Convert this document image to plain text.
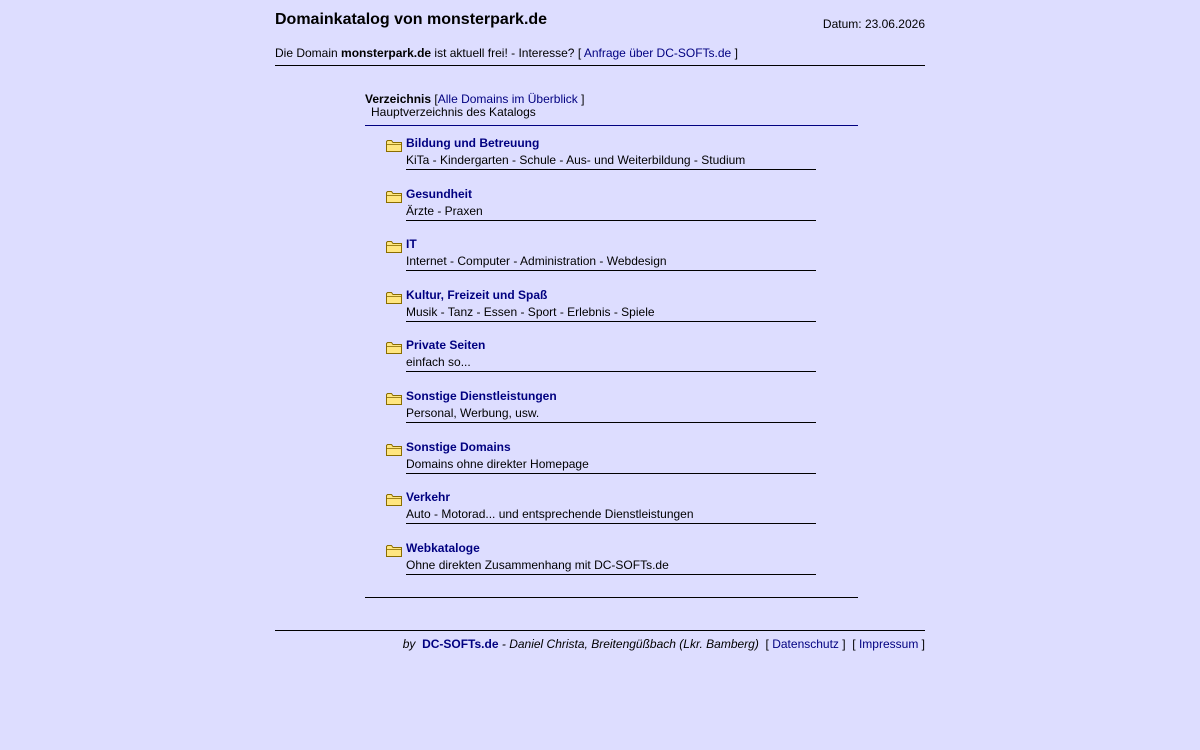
Domainkatalog von monsterpark.de	Datum: 23.06.2026
Die Domain monsterpark.de ist aktuell frei! - Interesse? [ Anfrage über DC-SOFTs.de ]
Verzeichnis [Alle Domains im Überblick ]
Hauptverzeichnis des Katalogs
Bildung und Betreuung
KiTa - Kindergarten - Schule - Aus- und Weiterbildung - Studium
Gesundheit
Ärzte - Praxen
IT
Internet - Computer - Administration - Webdesign
Kultur, Freizeit und Spaß
Musik - Tanz - Essen - Sport - Erlebnis - Spiele
Private Seiten
einfach so...
Sonstige Dienstleistungen
Personal, Werbung, usw.
Sonstige Domains
Domains ohne direkter Homepage
Verkehr
Auto - Motorad... und entsprechende Dienstleistungen
Webkataloge
Ohne direkten Zusammenhang mit DC-SOFTs.de
by DC-SOFTs.de - Daniel Christa, Breitengüßbach (Lkr. Bamberg) [ Datenschutz ] [ Impressum ]
